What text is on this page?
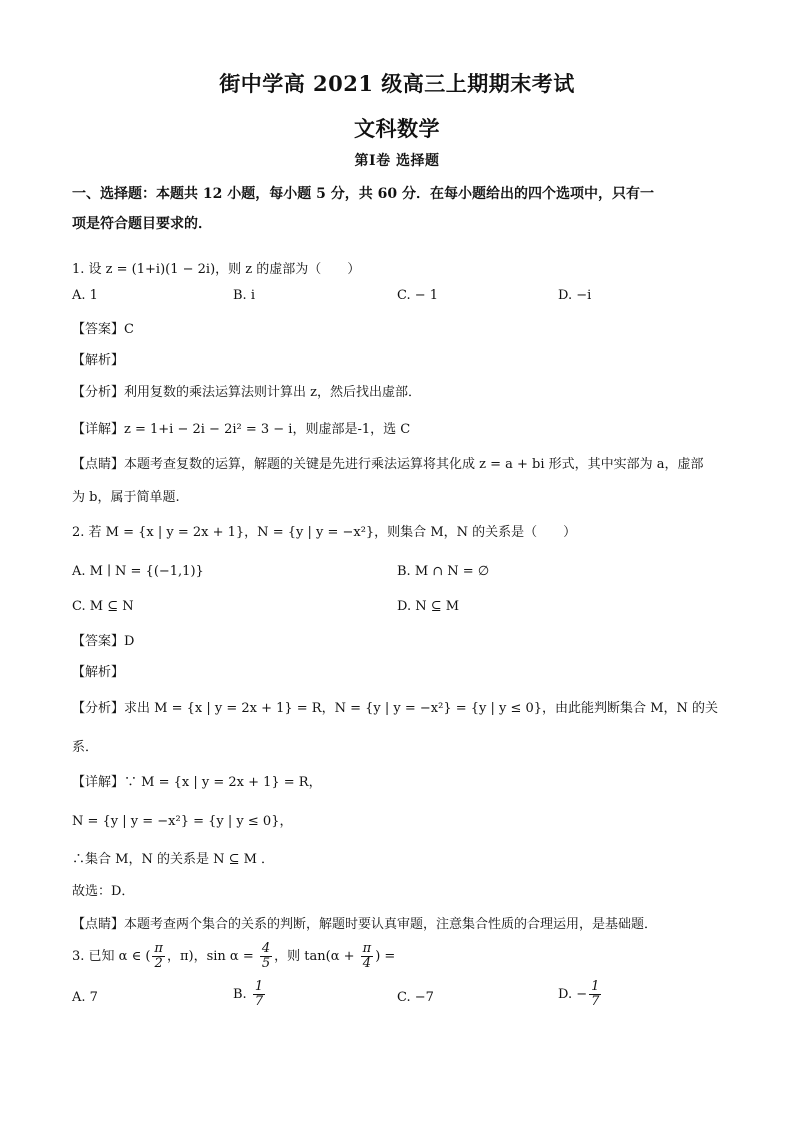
街中学高 2021 级高三上期期末考试
文科数学
第Ⅰ卷 选择题
一、选择题：本题共 12 小题，每小题 5 分，共 60 分．在每小题给出的四个选项中，只有一
项是符合题目要求的．
1. 设 z = (1+i)(1 − 2i)，则 z 的虚部为（　　）
A. 1	B. i	C. − 1	D. −i
【答案】C
【解析】
【分析】利用复数的乘法运算法则计算出 z，然后找出虚部．
【详解】z = 1+i − 2i − 2i² = 3 − i，则虚部是-1，选 C
【点睛】本题考查复数的运算，解题的关键是先进行乘法运算将其化成 z = a + bi 形式，其中实部为 a，虚部
为 b，属于简单题.
2. 若 M = {x | y = 2x + 1}，N = {y | y = −x²}，则集合 M，N 的关系是（　　）
A. M ∣ N = {(−1,1)}	B. M ∩ N = ∅
C. M ⊆ N	D. N ⊆ M
【答案】D
【解析】
【分析】求出 M = {x | y = 2x + 1} = R，N = {y | y = −x²} = {y | y ≤ 0}，由此能判断集合 M，N 的关
系．
【详解】∵ M = {x | y = 2x + 1} = R，
N = {y | y = −x²} = {y | y ≤ 0}，
∴集合 M，N 的关系是 N ⊆ M ．
故选：D．
【点睛】本题考查两个集合的关系的判断，解题时要认真审题，注意集合性质的合理运用，是基础题．
3. 已知 α ∈ ( $\frac{\pi}{2}$ ，π)，$\sin \alpha = \frac{4}{5}$ ，则 $\tan(\alpha + \frac{\pi}{4}$ ) =
A. 7	B. $\frac{1}{7}$	C. −7	D. − $\frac{1}{7}$
